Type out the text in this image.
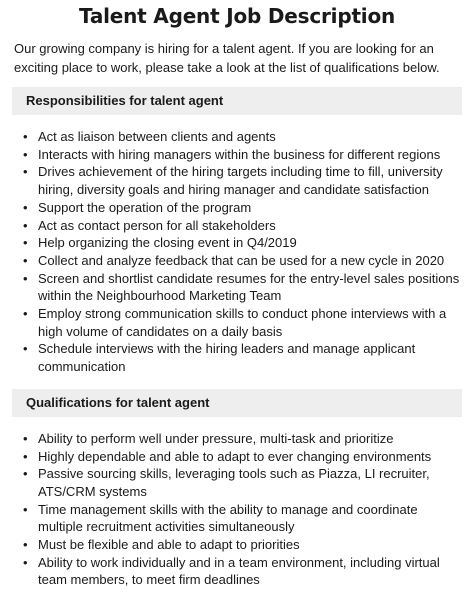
Talent Agent Job Description

Our growing company is hiring for a talent agent. If you are looking for an exciting place to work, please take a look at the list of qualifications below.

Responsibilities for talent agent
• Act as liaison between clients and agents
• Interacts with hiring managers within the business for different regions
• Drives achievement of the hiring targets including time to fill, university hiring, diversity goals and hiring manager and candidate satisfaction
• Support the operation of the program
• Act as contact person for all stakeholders
• Help organizing the closing event in Q4/2019
• Collect and analyze feedback that can be used for a new cycle in 2020
• Screen and shortlist candidate resumes for the entry-level sales positions within the Neighbourhood Marketing Team
• Employ strong communication skills to conduct phone interviews with a high volume of candidates on a daily basis
• Schedule interviews with the hiring leaders and manage applicant communication
Qualifications for talent agent
• Ability to perform well under pressure, multi-task and prioritize
• Highly dependable and able to adapt to ever changing environments
• Passive sourcing skills, leveraging tools such as Piazza, LI recruiter, ATS/CRM systems
• Time management skills with the ability to manage and coordinate multiple recruitment activities simultaneously
• Must be flexible and able to adapt to priorities
• Ability to work individually and in a team environment, including virtual team members, to meet firm deadlines
